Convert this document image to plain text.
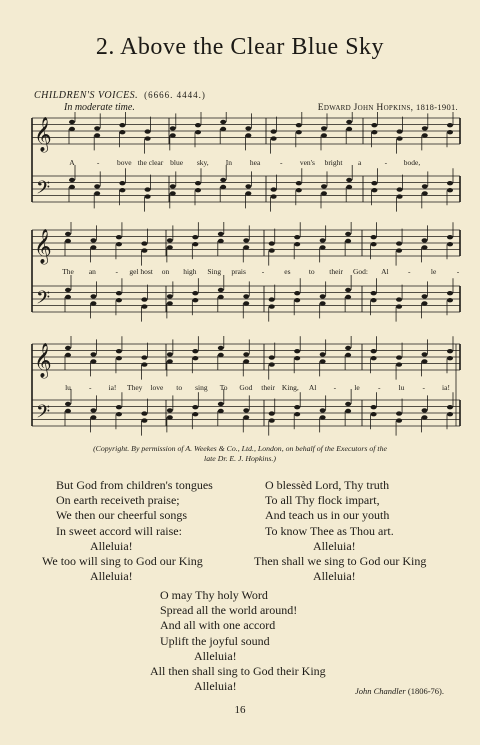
2. Above the Clear Blue Sky
CHILDREN'S VOICES. (6666. 4444.)
In moderate time.	Edward John Hopkins, 1818-1901.
𝄞
𝄢
A	- bove the clear blue sky, In hea	- ven's bright a	- bode,
𝄞
𝄢
The an	- gel host on high Sing prais -	es to their God: Al	-	le	-
𝄞
𝄢
lu - ia! They love to sing To God their King, Al - le - lu - ia!
(Copyright. By permission of A. Weekes & Co., Ltd., London, on behalf of the Executors of the
late Dr. E. J. Hopkins.)
But God from children's tongues
On earth receiveth praise;
We then our cheerful songs
In sweet accord will raise:
Alleluia!
We too will sing to God our King
Alleluia!
O blessèd Lord, Thy truth
To all Thy flock impart,
And teach us in our youth
To know Thee as Thou art.
Alleluia!
Then shall we sing to God our King
Alleluia!
O may Thy holy Word
Spread all the world around!
And all with one accord
Uplift the joyful sound
Alleluia!
All then shall sing to God their King
Alleluia!	John Chandler (1806-76).
16
